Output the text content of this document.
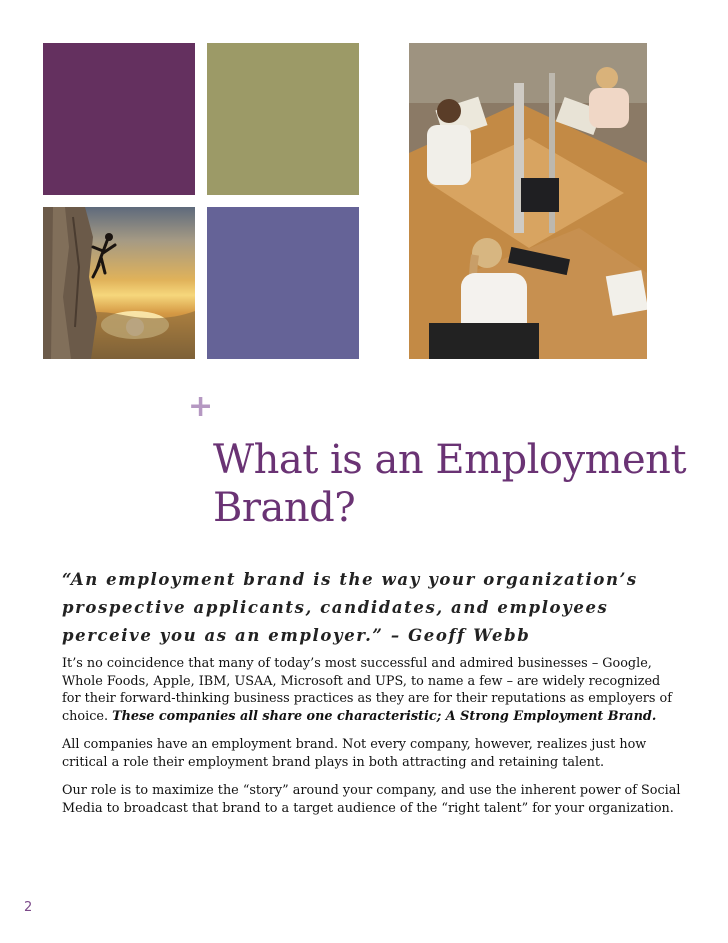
+
What is an Employment Brand?

“An employment brand is the way your organization’s prospective applicants, candidates, and employees perceive you as an employer.” – Geoff Webb

It’s no coincidence that many of today’s most successful and admired businesses – Google, Whole Foods, Apple, IBM, USAA, Microsoft and UPS, to name a few – are widely recognized for their forward-thinking business practices as they are for their reputations as employers of choice. These companies all share one characteristic; A Strong Employment Brand.

All companies have an employment brand. Not every company, however, realizes just how critical a role their employment brand plays in both attracting and retaining talent.

Our role is to maximize the “story” around your company, and use the inherent power of Social Media to broadcast that brand to a target audience of the “right talent” for your organization.

2
